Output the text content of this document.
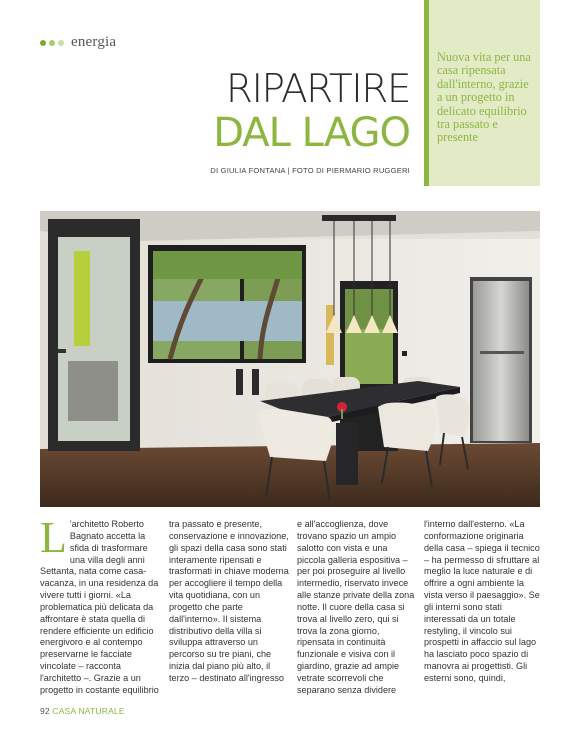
energia
RIPARTIRE
DAL LAGO
DI GIULIA FONTANA | FOTO DI PIERMARIO RUGGERI

Nuova vita per una casa ripensata dall'interno, grazie a un progetto in delicato equilibrio tra passato e presente

L 'architetto Roberto Bagnato accetta la sfida di trasformare una villa degli anni Settanta, nata come casa-vacanza, in una residenza da vivere tutti i giorni. «La problematica più delicata da affrontare è stata quella di rendere efficiente un edificio energivoro e al contempo preservarne le facciate vincolate – racconta l'architetto –. Grazie a un progetto in costante equilibrio

tra passato e presente, conservazione e innovazione, gli spazi della casa sono stati interamente ripensati e trasformati in chiave moderna per accogliere il tempo della vita quotidiana, con un progetto che parte dall'interno». Il sistema distributivo della villa si sviluppa attraverso un percorso su tre piani, che inizia dal piano più alto, il terzo – destinato all'ingresso

e all'accoglienza, dove trovano spazio un ampio salotto con vista e una piccola galleria espositiva – per poi proseguire al livello intermedio, riservato invece alle stanze private della zona notte. Il cuore della casa si trova al livello zero, qui si trova la zona giorno, ripensata in continuità funzionale e visiva con il giardino, grazie ad ampie vetrate scorrevoli che separano senza dividere

l'interno dall'esterno. «La conformazione originaria della casa – spiega il tecnico – ha permesso di sfruttare al meglio la luce naturale e di offrire a ogni ambiente la vista verso il paesaggio». Se gli interni sono stati interessati da un totale restyling, il vincolo sui prospetti in affaccio sul lago ha lasciato poco spazio di manovra ai progettisti. Gli esterni sono, quindi,

92 CASA NATURALE
